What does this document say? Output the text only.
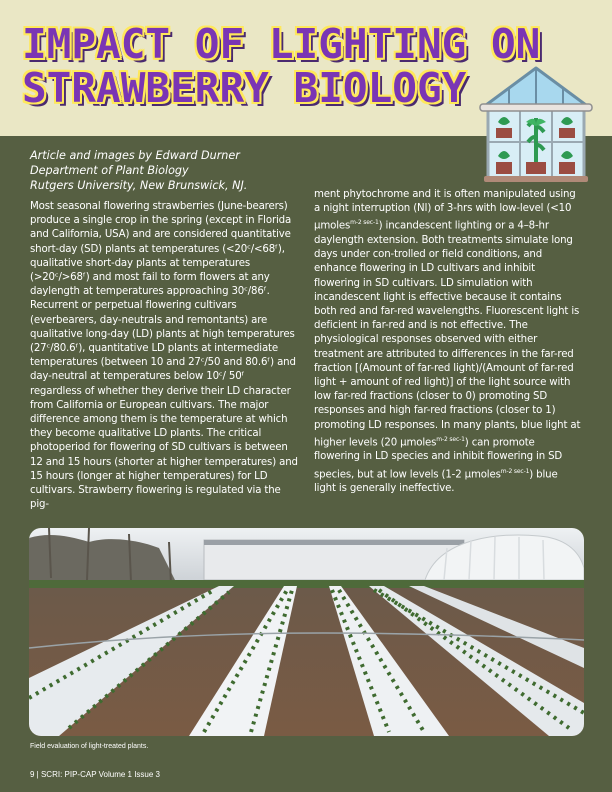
IMPACT OF LIGHTING ON
STRAWBERRY BIOLOGY
Article and images by Edward Durner
Department of Plant Biology
Rutgers University, New Brunswick, NJ.

Most seasonal flowering strawberries (June-bearers) produce a single crop in the spring (except in Florida and California, USA) and are considered quantitative short-day (SD) plants at temperatures (<20ᶜ/<68ᶠ), qualitative short-day plants at temperatures (>20ᶜ/>68ᶠ) and most fail to form flowers at any daylength at temperatures approaching 30ᶜ/86ᶠ. Recurrent or perpetual flowering cultivars (everbearers, day-neutrals and remontants) are qualitative long-day (LD) plants at high temperatures (27ᶜ/80.6ᶠ), quantitative LD plants at intermediate temperatures (between 10 and 27ᶜ/50 and 80.6ᶠ) and day-neutral at temperatures below 10ᶜ/ 50ᶠ regardless of whether they derive their LD character from California or European cultivars. The major difference among them is the temperature at which they become qualitative LD plants. The critical photoperiod for flowering of SD cultivars is between 12 and 15 hours (shorter at higher temperatures) and 15 hours (longer at higher temperatures) for LD cultivars. Strawberry flowering is regulated via the pig-

ment phytochrome and it is often manipulated using a night interruption (NI) of 3-hrs with low-level (<10 µmoles$^{m-2 sec-1}$) incandescent lighting or a 4–8-hr daylength extension. Both treatments simulate long days under con-trolled or field conditions, and enhance flowering in LD cultivars and inhibit flowering in SD cultivars. LD simulation with incandescent light is effective because it contains both red and far-red wavelengths. Fluorescent light is deficient in far-red and is not effective. The physiological responses observed with either treatment are attributed to differences in the far-red fraction [(Amount of far-red light)/(Amount of far-red light + amount of red light)] of the light source with low far-red fractions (closer to 0) promoting SD responses and high far-red fractions (closer to 1) promoting LD responses. In many plants, blue light at higher levels (20 µmoles$^{m-2 sec-1}$) can promote flowering in LD species and inhibit flowering in SD species, but at low levels (1-2 µmoles$^{m-2 sec-1}$) blue light is generally ineffective.

Field evaluation of light-treated plants.
9 | SCRI: PIP-CAP Volume 1 Issue 3
